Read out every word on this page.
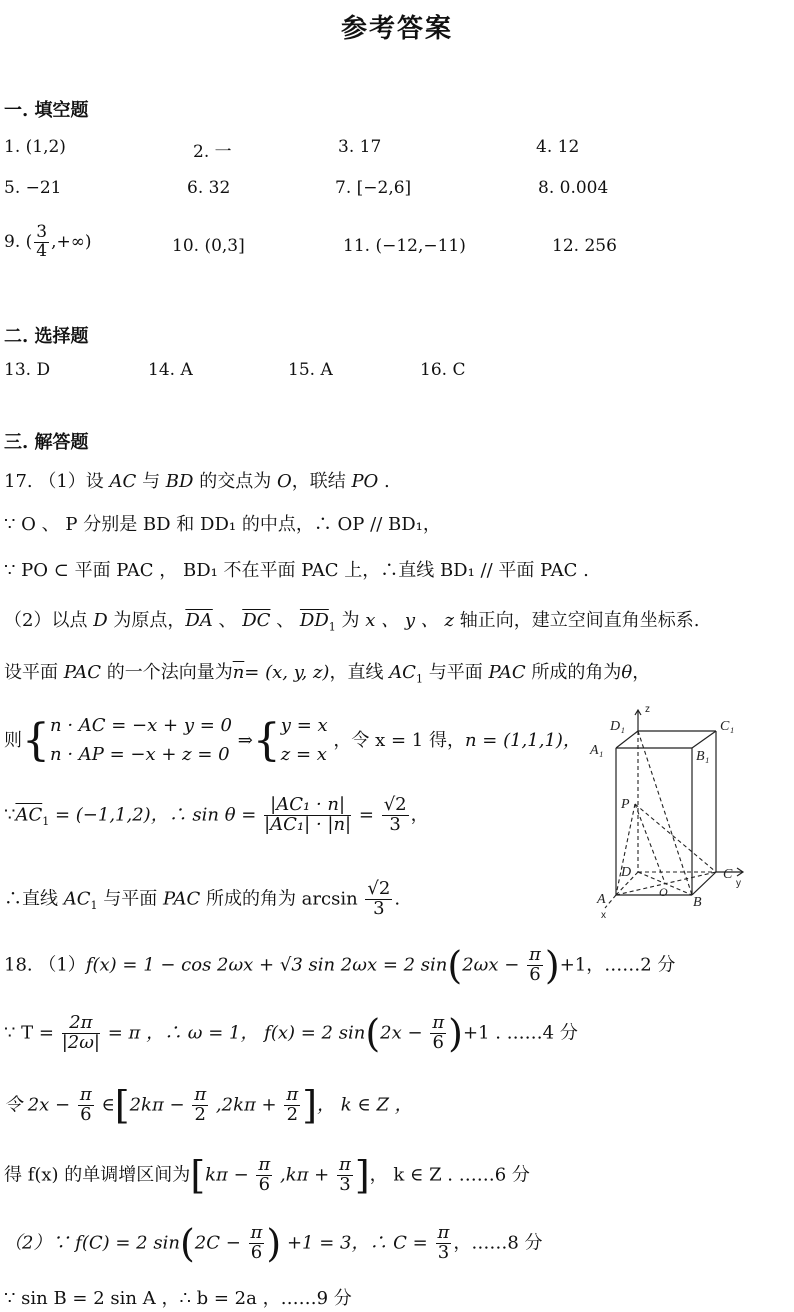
参考答案
一. 填空题
1. (1,2)	2. 一	3. 17	4. 12
5. −21	6. 32	7. [−2,6]	8. 0.004
9. ( $\frac{3}{4}$ ,+∞)	10. (0,3]	11. (−12,−11)	12. 256
二. 选择题
13. D	14. A	15. A	16. C
三. 解答题
17. （1）设 AC 与 BD 的交点为 O，联结 PO .
∵ O 、 P 分别是 BD 和 DD₁ 的中点，∴ OP // BD₁，
∵ PO ⊂ 平面 PAC ， BD₁ 不在平面 PAC 上，∴直线 BD₁ // 平面 PAC .
（2）以点 D 为原点，$\overline{DA}$ 、 $\overline{DC}$ 、 $\overline{DD}_1$ 为 x 、 y 、 z 轴正向，建立空间直角坐标系.
设平面 PAC 的一个法向量为$\overline{n}= (x$, y, z)，直线 $AC_1$ 与平面 PAC 所成的角为θ，
则{n · AC = −x + y = 0
n · AP = −x + z = 0 ⇒{y = x
z = x ，令 x = 1 得，n = (1,1,1)，
$\because\overline{AC}_1 = (-1,1,2)$，∴ $\sin \theta = \frac{\text{|AC₁ · n|}}{\text{|AC₁| · |n|}} = \frac{√2}{3}$ ，
∴直线 $AC_1$ 与平面 PAC 所成的角为 $\arcsin \frac{√2}{3}$ .
D₁	C₁
A₁	B₁
P
D	C
A	B
O
z
y
x
18. （1）f(x) = 1 − cos 2ωx + √3 sin 2ωx = 2 $\sin(2\omega x - \frac{\pi}{6} )+1$，……2 分
∵ $T = \frac{2\pi}{|2\omega|} = \pi$ ，∴ ω = 1， f(x) = 2 $\sin(2x - \frac{\pi}{6} )+1$ . ……4 分
令 $2x - \frac{\pi}{6}$ ∈[2kπ − $\frac{\pi}{2} ,2k\pi + \frac{\pi}{2}$ ]， k ∈ Z ，
得 f(x) 的单调增区间为[$k\pi - \frac{\pi}{6} ,k\pi + \frac{\pi}{3}$ ]， k ∈ Z . ……6 分
（2）∵ f(C) = 2 $\sin(2C - \frac{\pi}{6}$ ) +1 = 3，∴ $C = \frac{\pi}{3}$ ，……8 分
∵ sin B = 2 sin A ，∴ b = 2a ，……9 分
